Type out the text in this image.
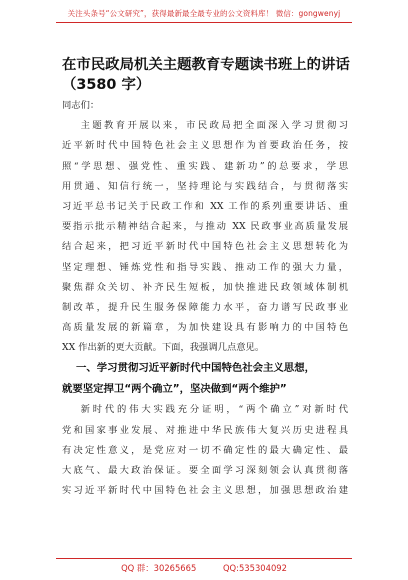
关注头条号“公文研究”，获得最新最全最专业的公文资料库！ 微信：gongwenyj
在市民政局机关主题教育专题读书班上的讲话
（3580 字）
同志们：
主题教育开展以来，市民政局把全面深入学习贯彻习
近平新时代中国特色社会主义思想作为首要政治任务，按
照“学思想、强党性、重实践、建新功”的总要求，学思
用贯通、知信行统一，坚持理论与实践结合，与贯彻落实
习近平总书记关于民政工作和 XX 工作的系列重要讲话、重
要指示批示精神结合起来，与推动 XX 民政事业高质量发展
结合起来，把习近平新时代中国特色社会主义思想转化为
坚定理想、锤炼党性和指导实践、推动工作的强大力量，
聚焦群众关切、补齐民生短板，加快推进民政领域体制机
制改革，提升民生服务保障能力水平，奋力谱写民政事业
高质量发展的新篇章，为加快建设具有影响力的中国特色
XX 作出新的更大贡献。下面，我强调几点意见。
一、学习贯彻习近平新时代中国特色社会主义思想，
就要坚定捍卫“两个确立”，坚决做到“两个维护”
新时代的伟大实践充分证明，“两个确立”对新时代
党和国家事业发展、对推进中华民族伟大复兴历史进程具
有决定性意义，是党应对一切不确定性的最大确定性、最
大底气、最大政治保证。要全面学习深刻领会认真贯彻落
实习近平新时代中国特色社会主义思想，加强思想政治建
QQ 群：30265665	QQ:535304092
